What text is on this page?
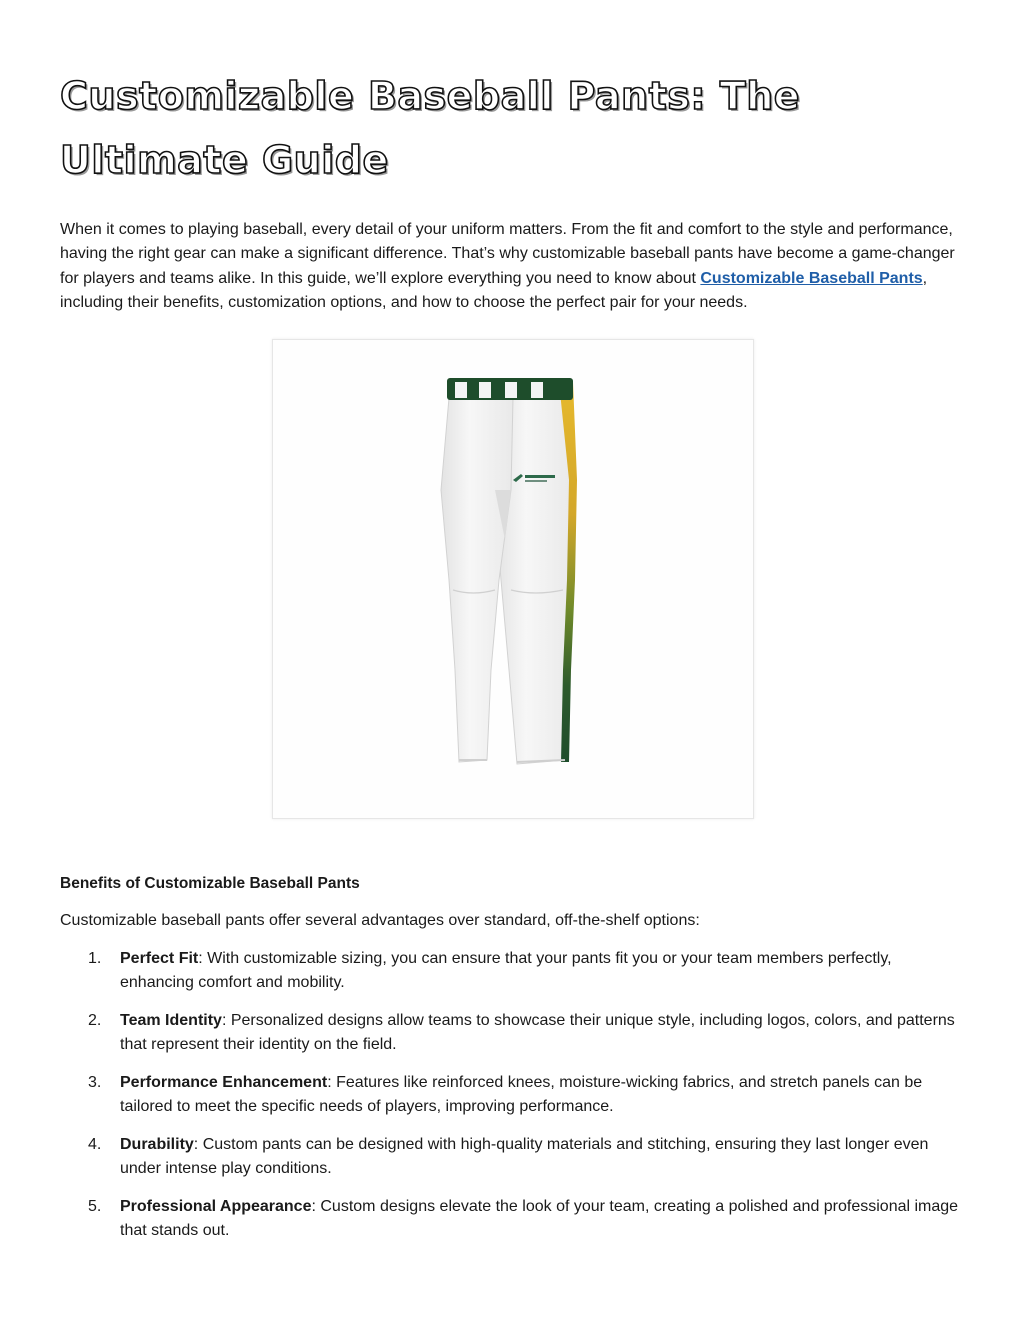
Customizable Baseball Pants: The Ultimate Guide

When it comes to playing baseball, every detail of your uniform matters. From the fit and comfort to the style and performance, having the right gear can make a significant difference. That’s why customizable baseball pants have become a game-changer for players and teams alike. In this guide, we’ll explore everything you need to know about Customizable Baseball Pants, including their benefits, customization options, and how to choose the perfect pair for your needs.

Benefits of Customizable Baseball Pants

Customizable baseball pants offer several advantages over standard, off-the-shelf options:

1. Perfect Fit: With customizable sizing, you can ensure that your pants fit you or your team members perfectly, enhancing comfort and mobility.
2. Team Identity: Personalized designs allow teams to showcase their unique style, including logos, colors, and patterns that represent their identity on the field.
3. Performance Enhancement: Features like reinforced knees, moisture-wicking fabrics, and stretch panels can be tailored to meet the specific needs of players, improving performance.
4. Durability: Custom pants can be designed with high-quality materials and stitching, ensuring they last longer even under intense play conditions.
5. Professional Appearance: Custom designs elevate the look of your team, creating a polished and professional image that stands out.
